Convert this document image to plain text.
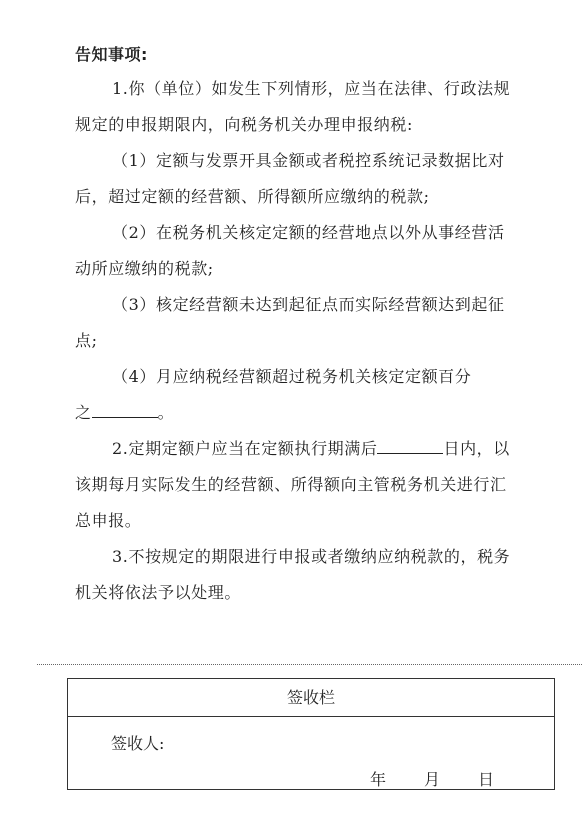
告知事项:
1.你（单位）如发生下列情形，应当在法律、行政法规
规定的申报期限内，向税务机关办理申报纳税:
（1）定额与发票开具金额或者税控系统记录数据比对
后，超过定额的经营额、所得额所应缴纳的税款;
（2）在税务机关核定定额的经营地点以外从事经营活
动所应缴纳的税款;
（3）核定经营额未达到起征点而实际经营额达到起征
点;
（4）月应纳税经营额超过税务机关核定定额百分
之	。
2.定期定额户应当在定额执行期满后	日内，以
该期每月实际发生的经营额、所得额向主管税务机关进行汇
总申报。
3.不按规定的期限进行申报或者缴纳应纳税款的，税务
机关将依法予以处理。
签收栏
签收人:
年 月 日
